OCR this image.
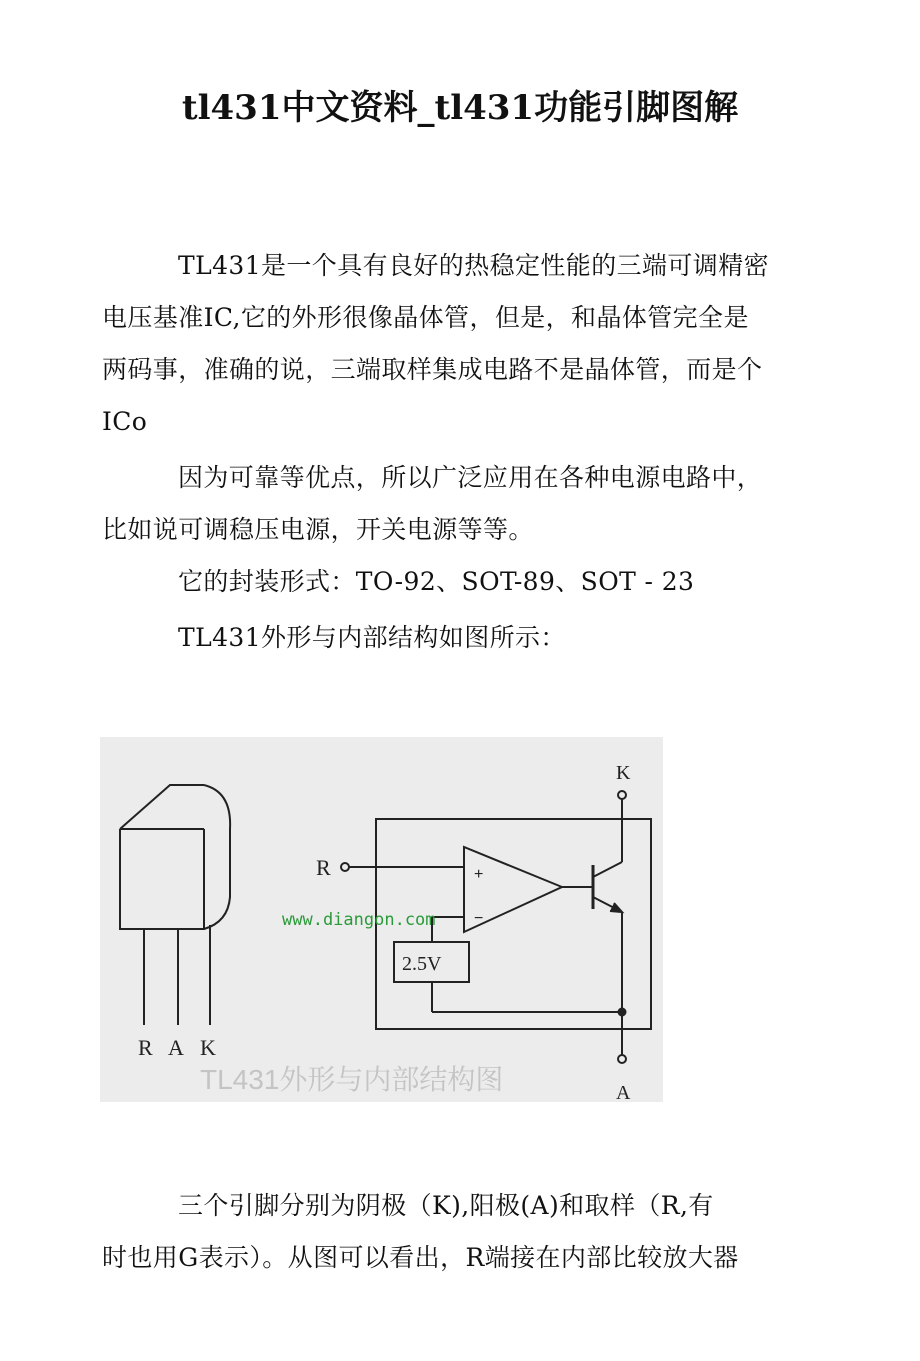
tl431中文资料_tl431功能引脚图解
TL431是一个具有良好的热稳定性能的三端可调精密
电压基准IC,它的外形很像晶体管，但是，和晶体管完全是
两码事，准确的说，三端取样集成电路不是晶体管，而是个
ICo
因为可靠等优点，所以广泛应用在各种电源电路中，
比如说可调稳压电源，开关电源等等。
它的封装形式：TO-92、SOT-89、SOT - 23
TL431外形与内部结构如图所示：
R A K
K
R
A
+
−
2.5V
www.diangon.com
TL431外形与内部结构图
三个引脚分别为阴极（K),阳极(A)和取样（R,有
时也用G表示）。从图可以看出，R端接在内部比较放大器
